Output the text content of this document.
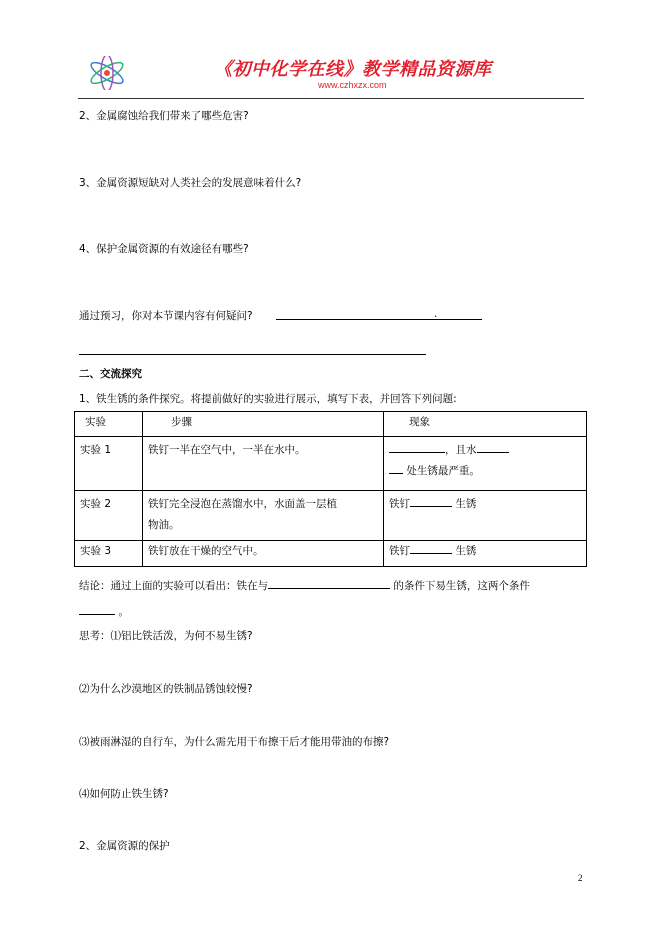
《初中化学在线》教学精品资源库
www.czhxzx.com
2、金属腐蚀给我们带来了哪些危害?
3、金属资源短缺对人类社会的发展意味着什么?
4、保护金属资源的有效途径有哪些?
通过预习，你对本节课内容有何疑问?	.
二、交流探究
1、铁生锈的条件探究。将提前做好的实验进行展示，填写下表，并回答下列问题:
实验	步骤	现象
实验 1	铁钉一半在空气中，一半在水中。	，且水
处生锈最严重。

实验 2	铁钉完全浸泡在蒸馏水中，水面盖一层植
物油。	铁钉 生锈
实验 3	铁钉放在干燥的空气中。	铁钉 生锈
结论：通过上面的实验可以看出：铁在与	的条件下易生锈，这两个条件
。
思考：⑴铝比铁活泼，为何不易生锈?
⑵为什么沙漠地区的铁制品锈蚀较慢?
⑶被雨淋湿的自行车，为什么需先用干布擦干后才能用带油的布擦?
⑷如何防止铁生锈?
2、金属资源的保护
2
